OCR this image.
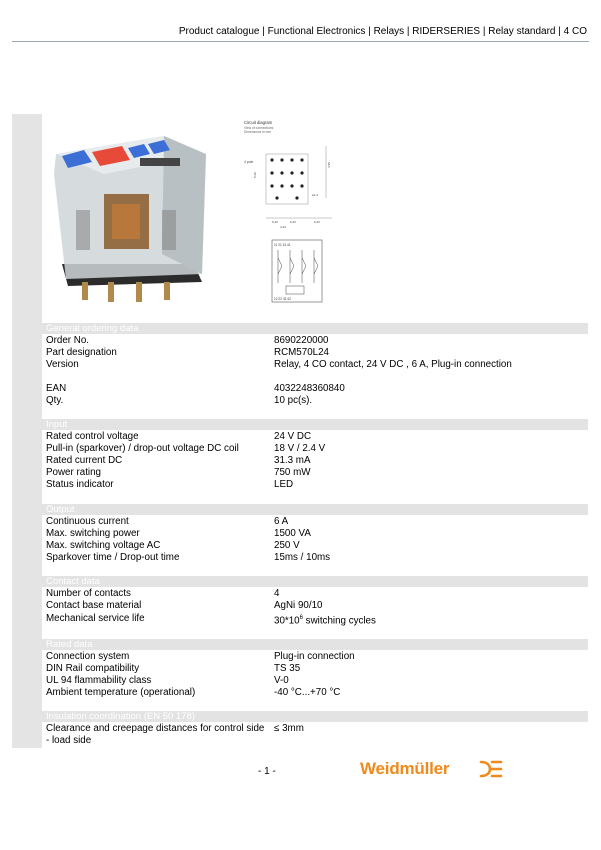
Product catalogue | Functional Electronics | Relays | RIDERSERIES | Relay standard | 4 CO
Circuit diagram
View of connections
Dimensions in mm
4 pole
5,20
4,95
ø1,3
6,40	6,40
4,43
6,40
11 21 31 41
12 22 32 42
General ordering data
Order No.	8690220000
Part designation	RCM570L24
Version	Relay, 4 CO contact, 24 V DC , 6 A, Plug-in connection
EAN	4032248360840
Qty.	10 pc(s).
Input
Rated control voltage	24 V DC
Pull-in (sparkover) / drop-out voltage DC coil	18 V / 2.4 V
Rated current DC	31.3 mA
Power rating	750 mW
Status indicator	LED
Output
Continuous current	6 A
Max. switching power	1500 VA
Max. switching voltage AC	250 V
Sparkover time / Drop-out time	15ms / 10ms
Contact data
Number of contacts	4
Contact base material	AgNi 90/10
Mechanical service life	$30*10^6$ switching cycles
Rated data
Connection system	Plug-in connection
DIN Rail compatibility	TS 35
UL 94 flammability class	V-0
Ambient temperature (operational)	-40 °C...+70 °C
Insulation coordination (EN 50 178)
Clearance and creepage distances for control side ≤ 3mm
- load side
- 1 -	Weidmüller
